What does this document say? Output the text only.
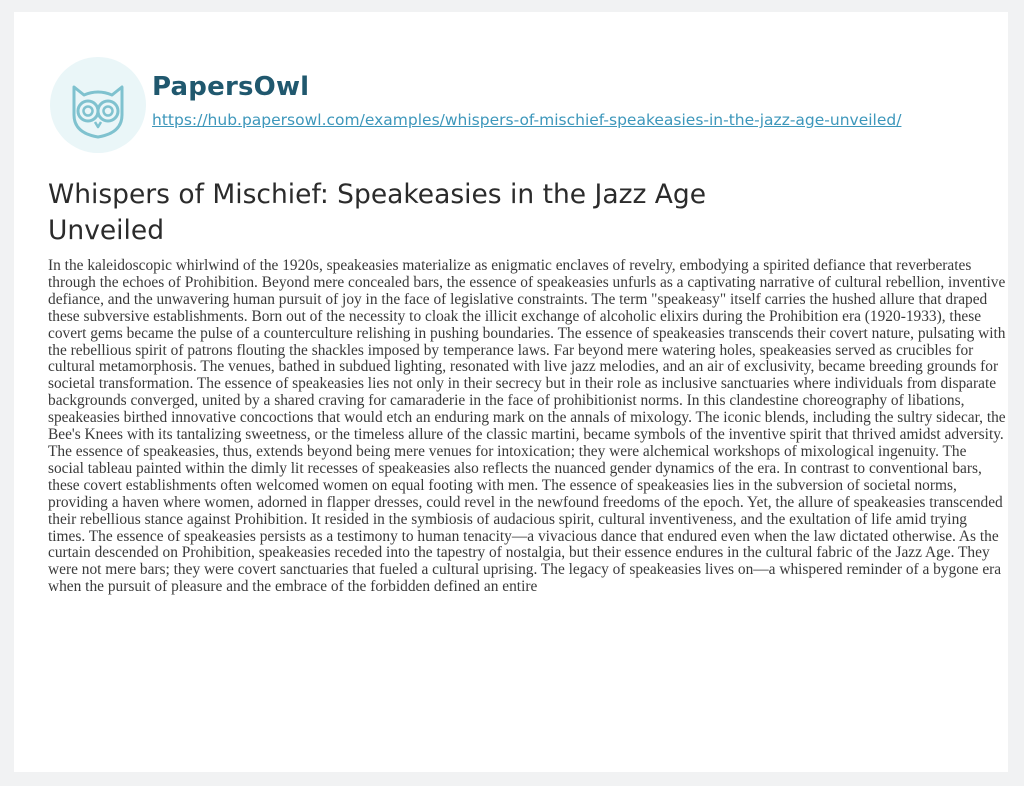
PapersOwl
https://hub.papersowl.com/examples/whispers-of-mischief-speakeasies-in-the-jazz-age-unveiled/
Whispers of Mischief: Speakeasies in the Jazz Age Unveiled

In the kaleidoscopic whirlwind of the 1920s, speakeasies materialize as enigmatic enclaves of revelry, embodying a spirited defiance that reverberates through the echoes of Prohibition. Beyond mere concealed bars, the essence of speakeasies unfurls as a captivating narrative of cultural rebellion, inventive defiance, and the unwavering human pursuit of joy in the face of legislative constraints. The term "speakeasy" itself carries the hushed allure that draped these subversive establishments. Born out of the necessity to cloak the illicit exchange of alcoholic elixirs during the Prohibition era (1920-1933), these covert gems became the pulse of a counterculture relishing in pushing boundaries. The essence of speakeasies transcends their covert nature, pulsating with the rebellious spirit of patrons flouting the shackles imposed by temperance laws. Far beyond mere watering holes, speakeasies served as crucibles for cultural metamorphosis. The venues, bathed in subdued lighting, resonated with live jazz melodies, and an air of exclusivity, became breeding grounds for societal transformation. The essence of speakeasies lies not only in their secrecy but in their role as inclusive sanctuaries where individuals from disparate backgrounds converged, united by a shared craving for camaraderie in the face of prohibitionist norms. In this clandestine choreography of libations, speakeasies birthed innovative concoctions that would etch an enduring mark on the annals of mixology. The iconic blends, including the sultry sidecar, the Bee's Knees with its tantalizing sweetness, or the timeless allure of the classic martini, became symbols of the inventive spirit that thrived amidst adversity. The essence of speakeasies, thus, extends beyond being mere venues for intoxication; they were alchemical workshops of mixological ingenuity. The social tableau painted within the dimly lit recesses of speakeasies also reflects the nuanced gender dynamics of the era. In contrast to conventional bars, these covert establishments often welcomed women on equal footing with men. The essence of speakeasies lies in the subversion of societal norms, providing a haven where women, adorned in flapper dresses, could revel in the newfound freedoms of the epoch. Yet, the allure of speakeasies transcended their rebellious stance against Prohibition. It resided in the symbiosis of audacious spirit, cultural inventiveness, and the exultation of life amid trying times. The essence of speakeasies persists as a testimony to human tenacity—a vivacious dance that endured even when the law dictated otherwise. As the curtain descended on Prohibition, speakeasies receded into the tapestry of nostalgia, but their essence endures in the cultural fabric of the Jazz Age. They were not mere bars; they were covert sanctuaries that fueled a cultural uprising. The legacy of speakeasies lives on—a whispered reminder of a bygone era when the pursuit of pleasure and the embrace of the forbidden defined an entire
